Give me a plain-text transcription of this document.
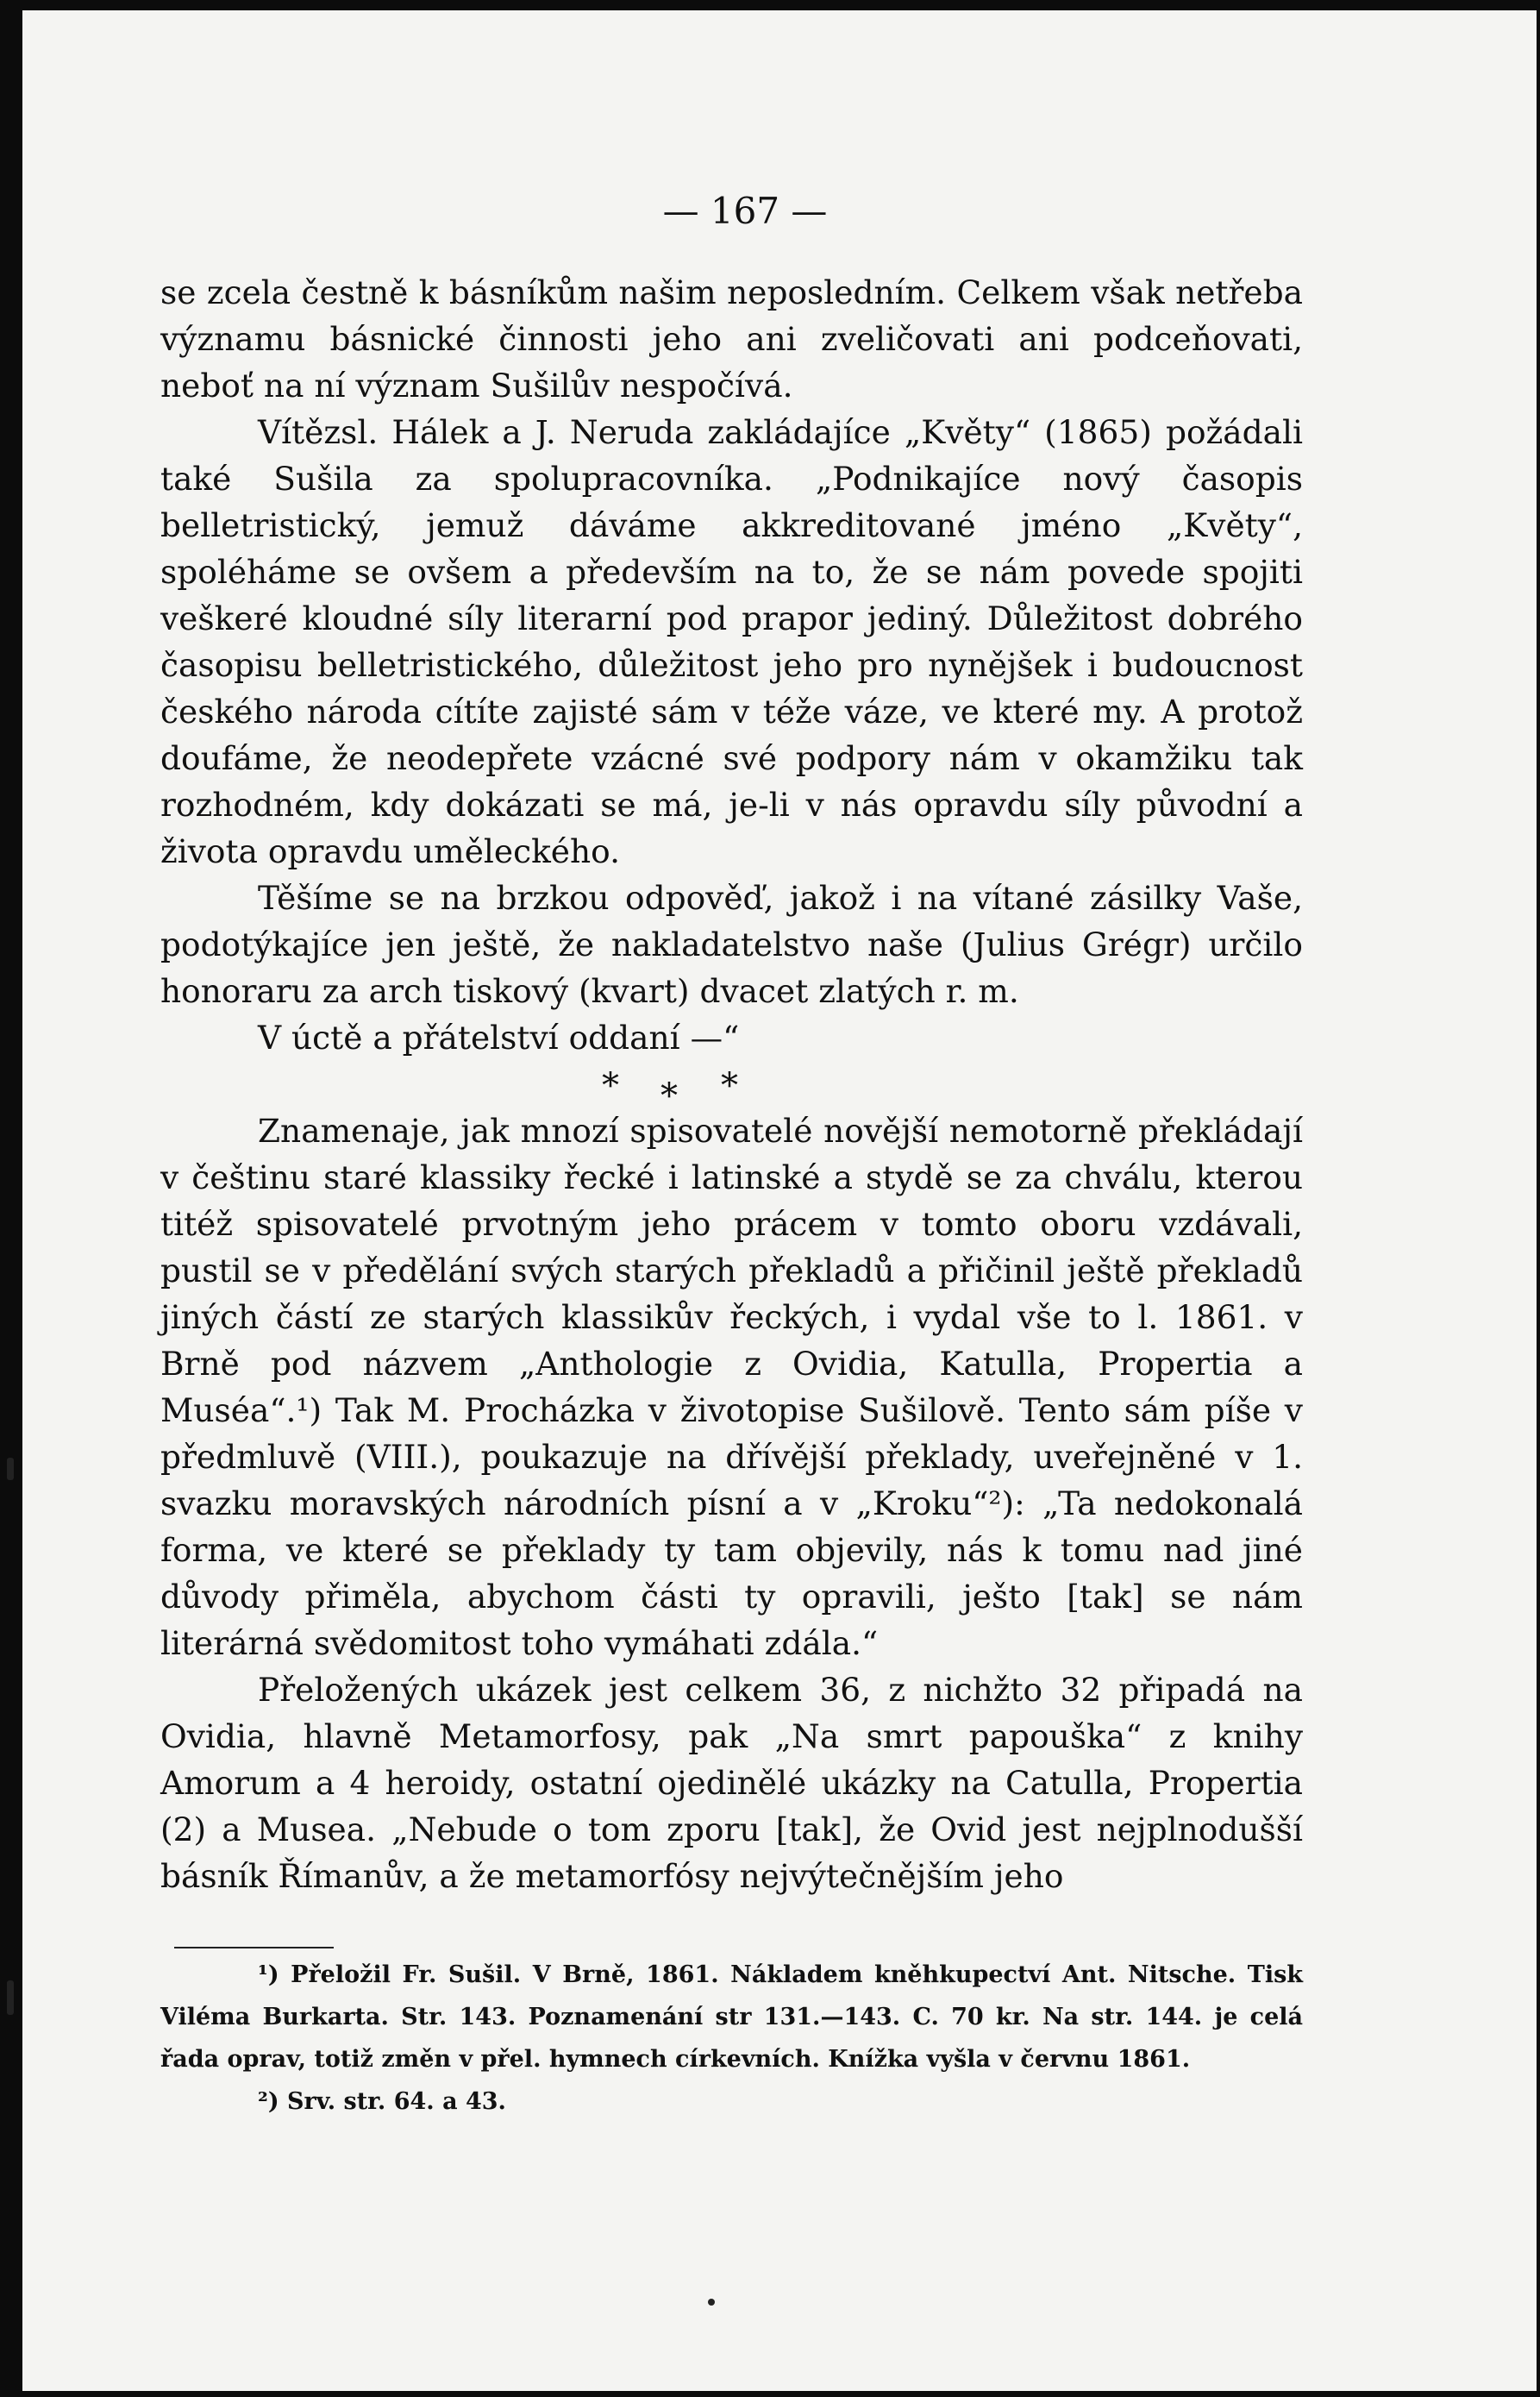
— 167 —

se zcela čestně k básníkům našim neposledním. Celkem však netřeba významu básnické činnosti jeho ani zveličovati ani podceňovati, neboť na ní význam Sušilův nespočívá.

Vítězsl. Hálek a J. Neruda zakládajíce „Květy“ (1865) požádali také Sušila za spolupracovníka. „Podnikajíce nový časopis belletristický, jemuž dáváme akkreditované jméno „Květy“, spoléháme se ovšem a především na to, že se nám povede spojiti veškeré kloudné síly literarní pod prapor jediný. Důležitost dobrého časopisu belletristického, důležitost jeho pro nynějšek i budoucnost českého národa cítíte zajisté sám v téže váze, ve které my. A protož doufáme, že neodepřete vzácné své podpory nám v okamžiku tak rozhodném, kdy dokázati se má, je-li v nás opravdu síly původní a života opravdu uměleckého.

Těšíme se na brzkou odpověď, jakož i na vítané zásilky Vaše, podotýkajíce jen ještě, že nakladatelstvo naše (Julius Grégr) určilo honoraru za arch tiskový (kvart) dvacet zlatých r. m.

V úctě a přátelství oddaní —“

* * *

Znamenaje, jak mnozí spisovatelé novější nemotorně překládají v češtinu staré klassiky řecké i latinské a stydě se za chválu, kterou titéž spisovatelé prvotným jeho prácem v tomto oboru vzdávali, pustil se v předělání svých starých překladů a přičinil ještě překladů jiných částí ze starých klassikův řeckých, i vydal vše to l. 1861. v Brně pod názvem „Anthologie z Ovidia, Katulla, Propertia a Muséa“.¹) Tak M. Procházka v životopise Sušilově. Tento sám píše v předmluvě (VIII.), poukazuje na dřívější překlady, uveřejněné v 1. svazku moravských národních písní a v „Kroku“²): „Ta nedokonalá forma, ve které se překlady ty tam objevily, nás k tomu nad jiné důvody přiměla, abychom části ty opravili, ješto [tak] se nám literárná svědomitost toho vymáhati zdála.“

Přeložených ukázek jest celkem 36, z nichžto 32 připadá na Ovidia, hlavně Metamorfosy, pak „Na smrt papouška“ z knihy Amorum a 4 heroidy, ostatní ojedinělé ukázky na Catulla, Propertia (2) a Musea. „Nebude o tom zporu [tak], že Ovid jest nejplnodušší básník Římanův, a že metamorfósy nejvýtečnějším jeho

¹) Přeložil Fr. Sušil. V Brně, 1861. Nákladem kněhkupectví Ant. Nitsche. Tisk Viléma Burkarta. Str. 143. Poznamenání str 131.—143. C. 70 kr. Na str. 144. je celá řada oprav, totiž změn v přel. hymnech církevních. Knížka vyšla v červnu 1861.

²) Srv. str. 64. a 43.
